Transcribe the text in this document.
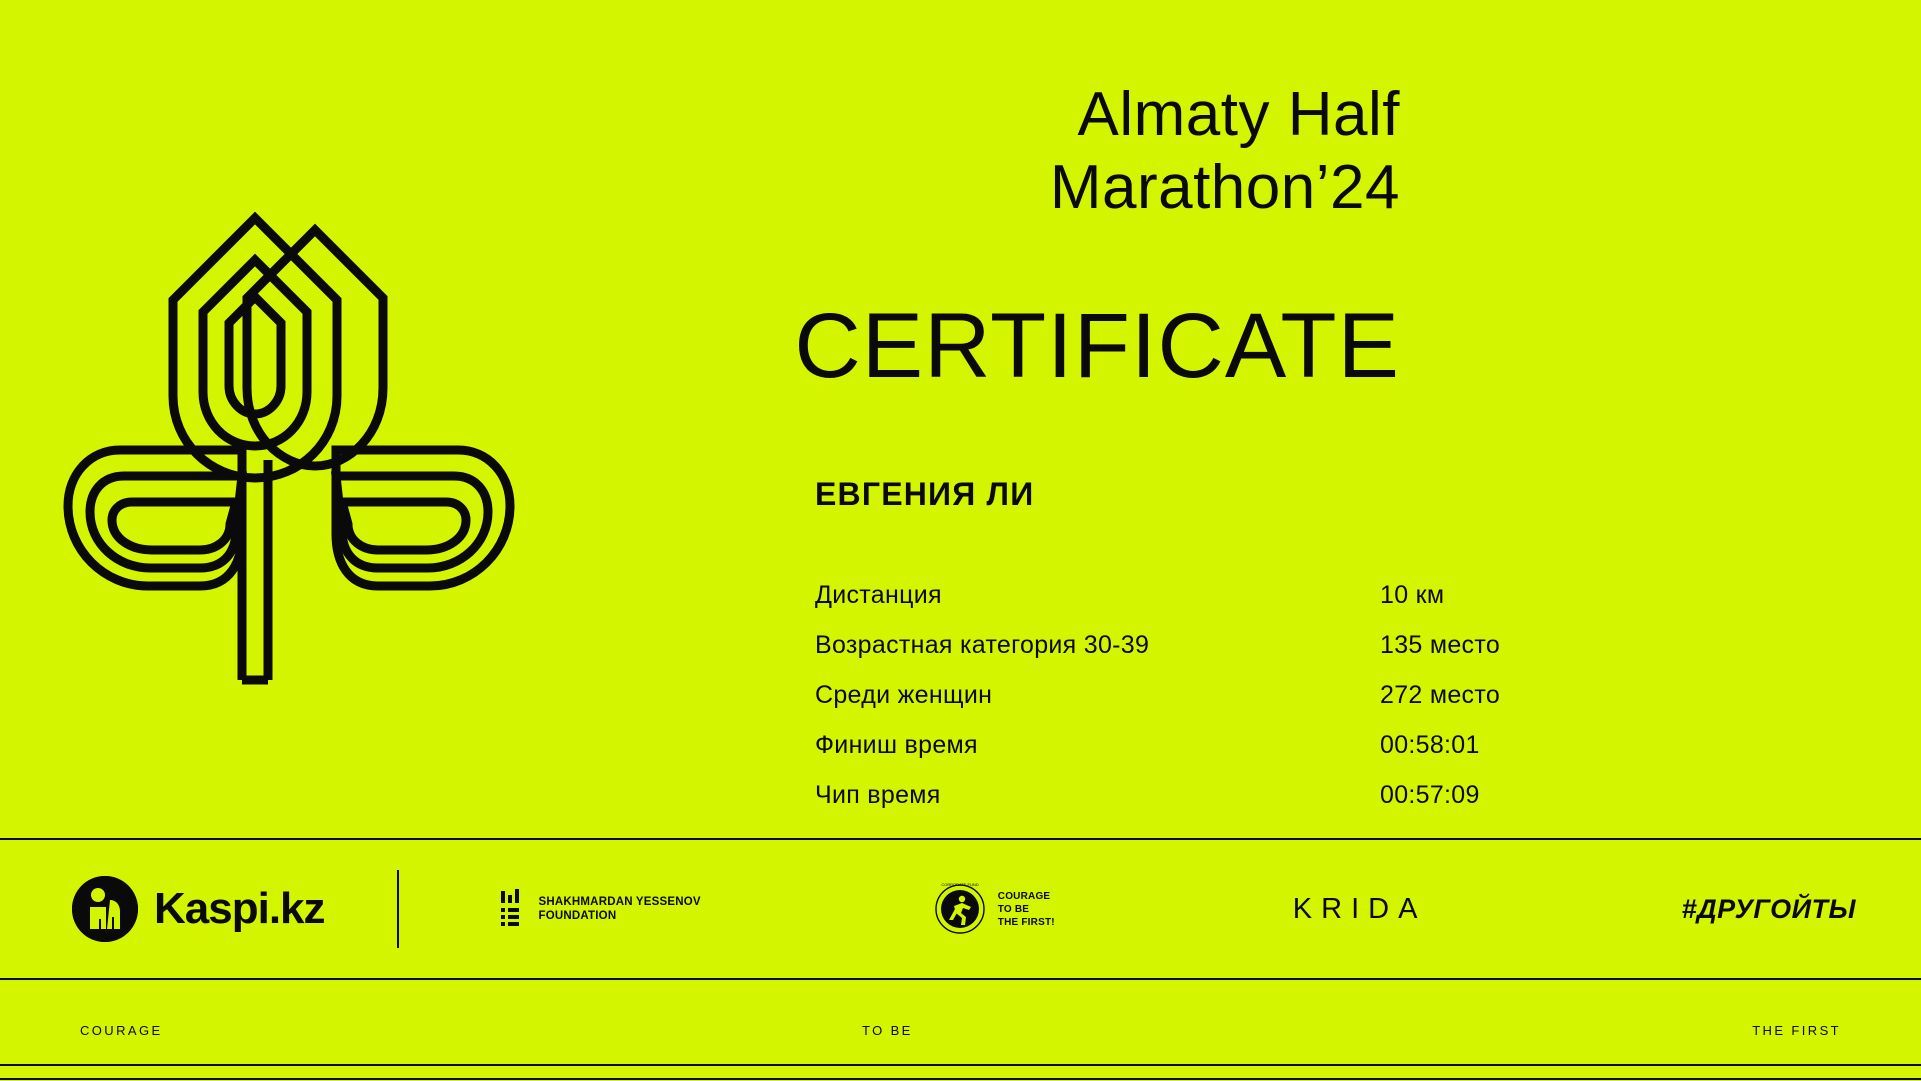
Almaty Half
Marathon’24
CERTIFICATE
ЕВГЕНИЯ ЛИ
Дистанция	10 км
Возрастная категория 30-39	135 место
Среди женщин	272 место
Финиш время	00:58:01
Чип время	00:57:09
Kaspi.kz	SHAKHMARDAN YESSENOV
FOUNDATION
CORPORATE FUND
COURAGE
TO BE
THE FIRST!	KRIDA	#ДРУГОЙТЫ
COURAGE	TO BE	THE FIRST
